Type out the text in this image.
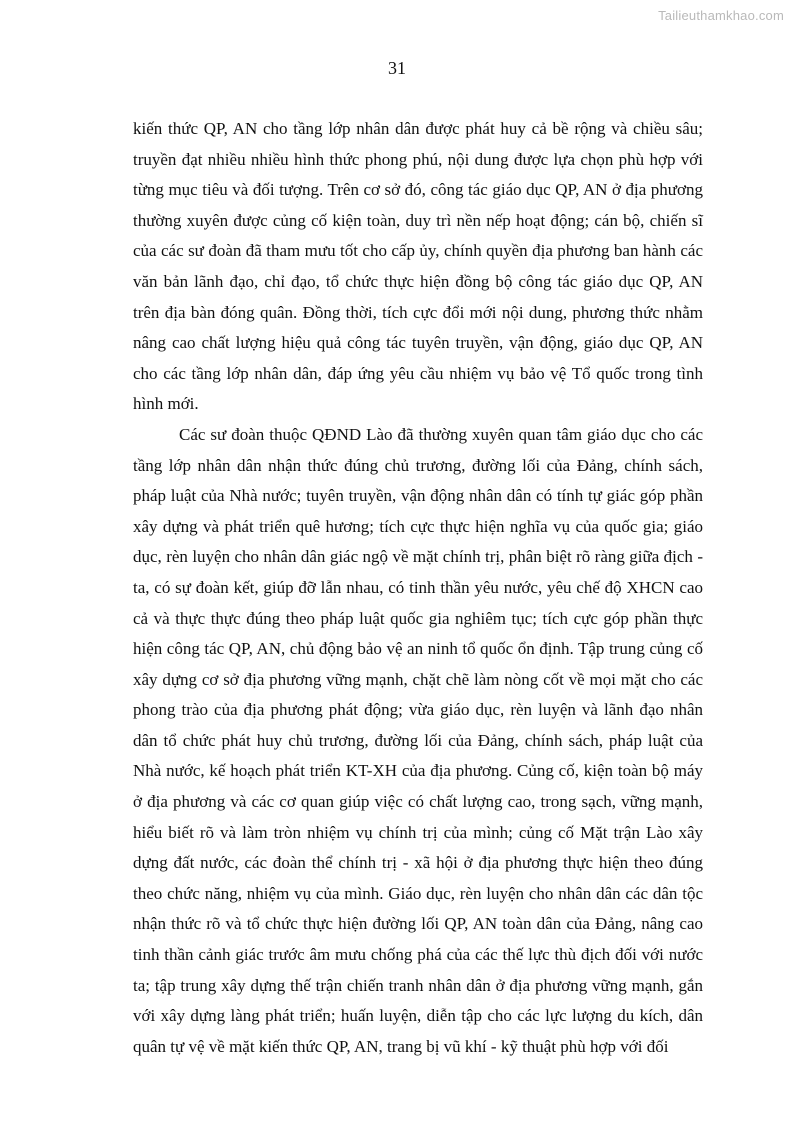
Tailieuthamkhao.com
31

kiến thức QP, AN cho tầng lớp nhân dân được phát huy cả bề rộng và chiều sâu; truyền đạt nhiều nhiều hình thức phong phú, nội dung được lựa chọn phù hợp với từng mục tiêu và đối tượng. Trên cơ sở đó, công tác giáo dục QP, AN ở địa phương thường xuyên được củng cố kiện toàn, duy trì nền nếp hoạt động; cán bộ, chiến sĩ của các sư đoàn đã tham mưu tốt cho cấp ủy, chính quyền địa phương ban hành các văn bản lãnh đạo, chỉ đạo, tổ chức thực hiện đồng bộ công tác giáo dục QP, AN trên địa bàn đóng quân. Đồng thời, tích cực đổi mới nội dung, phương thức nhằm nâng cao chất lượng hiệu quả công tác tuyên truyền, vận động, giáo dục QP, AN cho các tầng lớp nhân dân, đáp ứng yêu cầu nhiệm vụ bảo vệ Tổ quốc trong tình hình mới.

Các sư đoàn thuộc QĐND Lào đã thường xuyên quan tâm giáo dục cho các tầng lớp nhân dân nhận thức đúng chủ trương, đường lối của Đảng, chính sách, pháp luật của Nhà nước; tuyên truyền, vận động nhân dân có tính tự giác góp phần xây dựng và phát triển quê hương; tích cực thực hiện nghĩa vụ của quốc gia; giáo dục, rèn luyện cho nhân dân giác ngộ về mặt chính trị, phân biệt rõ ràng giữa địch - ta, có sự đoàn kết, giúp đỡ lẫn nhau, có tinh thần yêu nước, yêu chế độ XHCN cao cả và thực thực đúng theo pháp luật quốc gia nghiêm tục; tích cực góp phần thực hiện công tác QP, AN, chủ động bảo vệ an ninh tổ quốc ổn định. Tập trung củng cố xây dựng cơ sở địa phương vững mạnh, chặt chẽ làm nòng cốt về mọi mặt cho các phong trào của địa phương phát động; vừa giáo dục, rèn luyện và lãnh đạo nhân dân tổ chức phát huy chủ trương, đường lối của Đảng, chính sách, pháp luật của Nhà nước, kế hoạch phát triển KT-XH của địa phương. Củng cố, kiện toàn bộ máy ở địa phương và các cơ quan giúp việc có chất lượng cao, trong sạch, vững mạnh, hiểu biết rõ và làm tròn nhiệm vụ chính trị của mình; củng cố Mặt trận Lào xây dựng đất nước, các đoàn thể chính trị - xã hội ở địa phương thực hiện theo đúng theo chức năng, nhiệm vụ của mình. Giáo dục, rèn luyện cho nhân dân các dân tộc nhận thức rõ và tổ chức thực hiện đường lối QP, AN toàn dân của Đảng, nâng cao tinh thần cảnh giác trước âm mưu chống phá của các thế lực thù địch đối với nước ta; tập trung xây dựng thế trận chiến tranh nhân dân ở địa phương vững mạnh, gắn với xây dựng làng phát triển; huấn luyện, diễn tập cho các lực lượng du kích, dân quân tự vệ về mặt kiến thức QP, AN, trang bị vũ khí - kỹ thuật phù hợp với đối
